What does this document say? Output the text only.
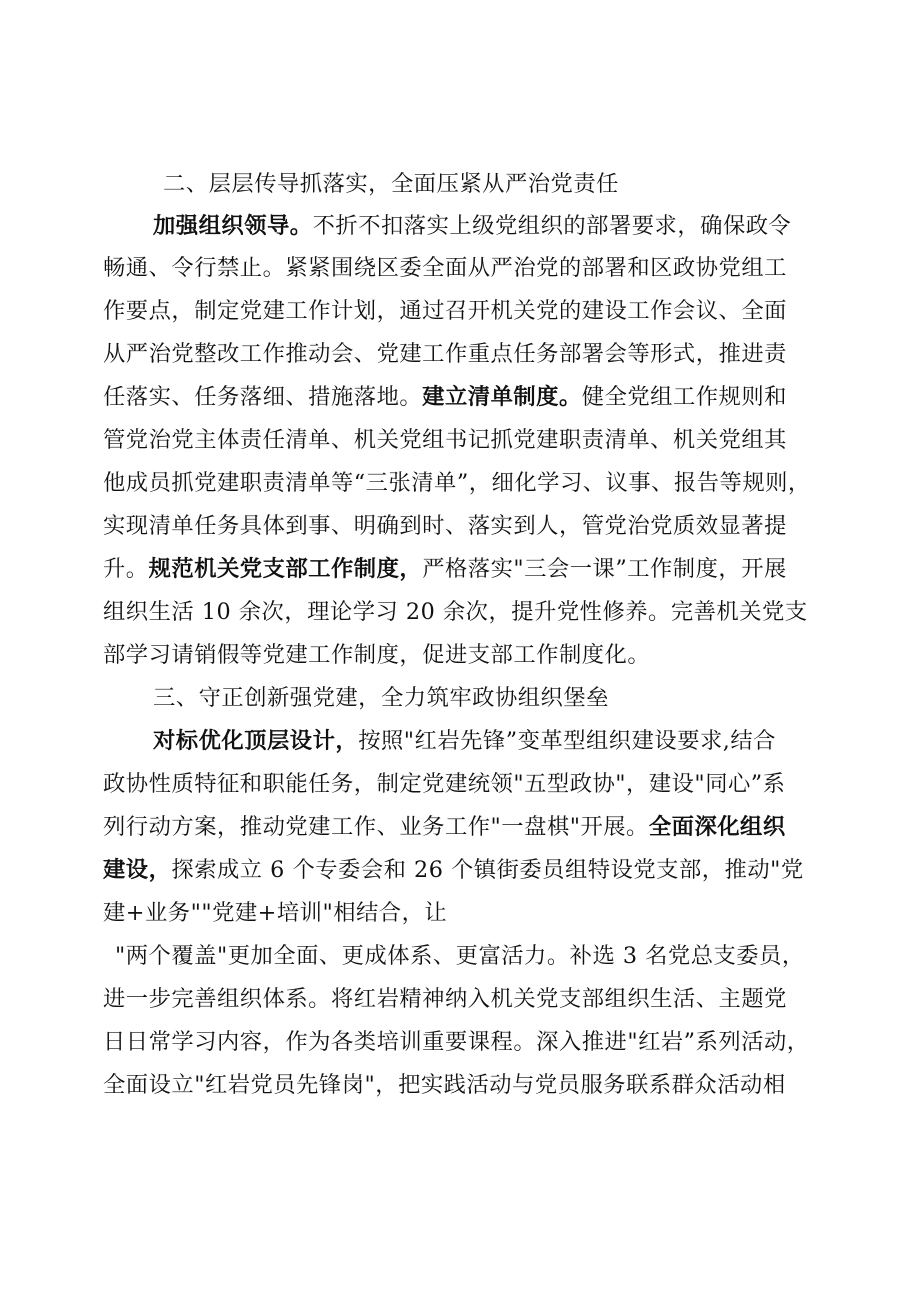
二、层层传导抓落实，全面压紧从严治党责任
加强组织领导。不折不扣落实上级党组织的部署要求，确保政令
畅通、令行禁止。紧紧围绕区委全面从严治党的部署和区政协党组工
作要点，制定党建工作计划，通过召开机关党的建设工作会议、全面
从严治党整改工作推动会、党建工作重点任务部署会等形式，推进责
任落实、任务落细、措施落地。建立清单制度。健全党组工作规则和
管党治党主体责任清单、机关党组书记抓党建职责清单、机关党组其
他成员抓党建职责清单等“三张清单”，细化学习、议事、报告等规则，
实现清单任务具体到事、明确到时、落实到人，管党治党质效显著提
升。规范机关党支部工作制度，严格落实"三会一课”工作制度，开展
组织生活 10 余次，理论学习 20 余次，提升党性修养。完善机关党支
部学习请销假等党建工作制度，促进支部工作制度化。
三、守正创新强党建，全力筑牢政协组织堡垒
对标优化顶层设计，按照"红岩先锋”变革型组织建设要求,结合
政协性质特征和职能任务，制定党建统领"五型政协"，建设"同心”系
列行动方案，推动党建工作、业务工作"一盘棋"开展。全面深化组织
建设，探索成立 6 个专委会和 26 个镇街委员组特设党支部，推动"党
建+业务""党建+培训"相结合，让
"两个覆盖"更加全面、更成体系、更富活力。补选 3 名党总支委员，
进一步完善组织体系。将红岩精神纳入机关党支部组织生活、主题党
日日常学习内容，作为各类培训重要课程。深入推进"红岩”系列活动，
全面设立"红岩党员先锋岗"，把实践活动与党员服务联系群众活动相
